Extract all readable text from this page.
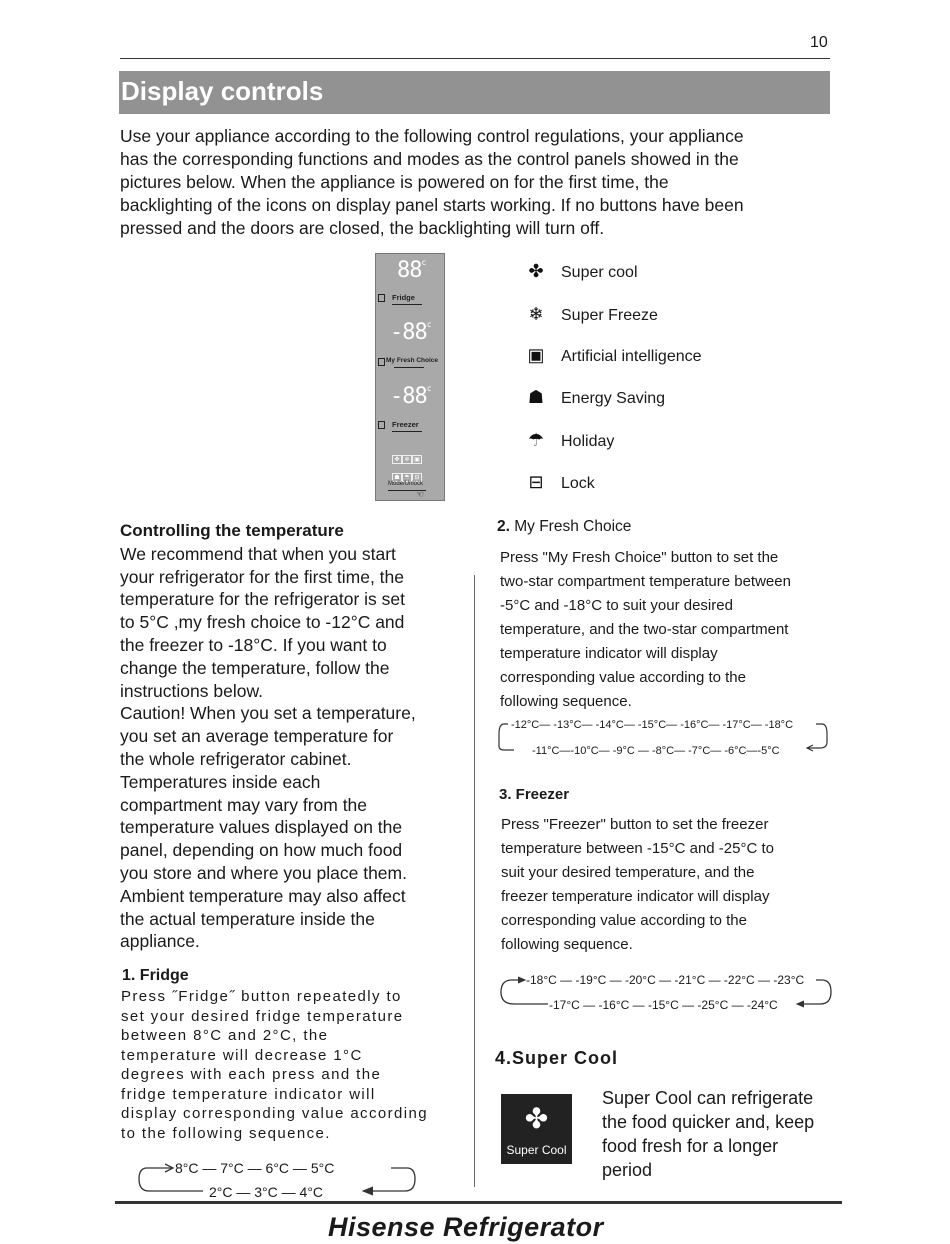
10
Display controls
Use your appliance according to the following control regulations, your appliance
has the corresponding functions and modes as the control panels showed in the
pictures below. When the appliance is powered on for the first time, the
backlighting of the icons on display panel starts working. If no buttons have been
pressed and the doors are closed, the backlighting will turn off.
88$^c$
Fridge
-88$^c$
My Fresh Choice
-88$^c$
Freezer
✤ ❄ ▣
☗ ☂ ⊟
Mode/Unlock
☜
✤ Super cool
❄ Super Freeze
▣ Artificial intelligence
☗ Energy Saving
☂ Holiday
⊟ Lock
Controlling the temperature
We recommend that when you start
your refrigerator for the first time, the
temperature for the refrigerator is set
to 5°C ,my fresh choice to -12°C and
the freezer to -18°C. If you want to
change the temperature, follow the
instructions below.
Caution! When you set a temperature,
you set an average temperature for
the whole refrigerator cabinet.
Temperatures inside each
compartment may vary from the
temperature values displayed on the
panel, depending on how much food
you store and where you place them.
Ambient temperature may also affect
the actual temperature inside the
appliance.
1. Fridge
Press ˝Fridge˝ button repeatedly to
set your desired fridge temperature
between 8°C and 2°C, the
temperature will decrease 1°C
degrees with each press and the
fridge temperature indicator will
display corresponding value according
to the following sequence.
8°C — 7°C — 6°C — 5°C
2°C — 3°C — 4°C
2. My Fresh Choice
Press "My Fresh Choice" button to set the
two-star compartment temperature between
-5°C and -18°C to suit your desired
temperature, and the two-star compartment
temperature indicator will display
corresponding value according to the
following sequence.
-12°C— -13°C— -14°C— -15°C— -16°C— -17°C— -18°C
-11°C—-10°C— -9°C — -8°C— -7°C— -6°C—-5°C
3. Freezer
Press "Freezer" button to set the freezer
temperature between -15°C and -25°C to
suit your desired temperature, and the
freezer temperature indicator will display
corresponding value according to the
following sequence.
-18°C — -19°C — -20°C — -21°C — -22°C — -23°C
-17°C — -16°C — -15°C — -25°C — -24°C
4.Super Cool
✤
Super Cool
Super Cool can refrigerate
the food quicker and, keep
food fresh for a longer
period
Hisense Refrigerator
